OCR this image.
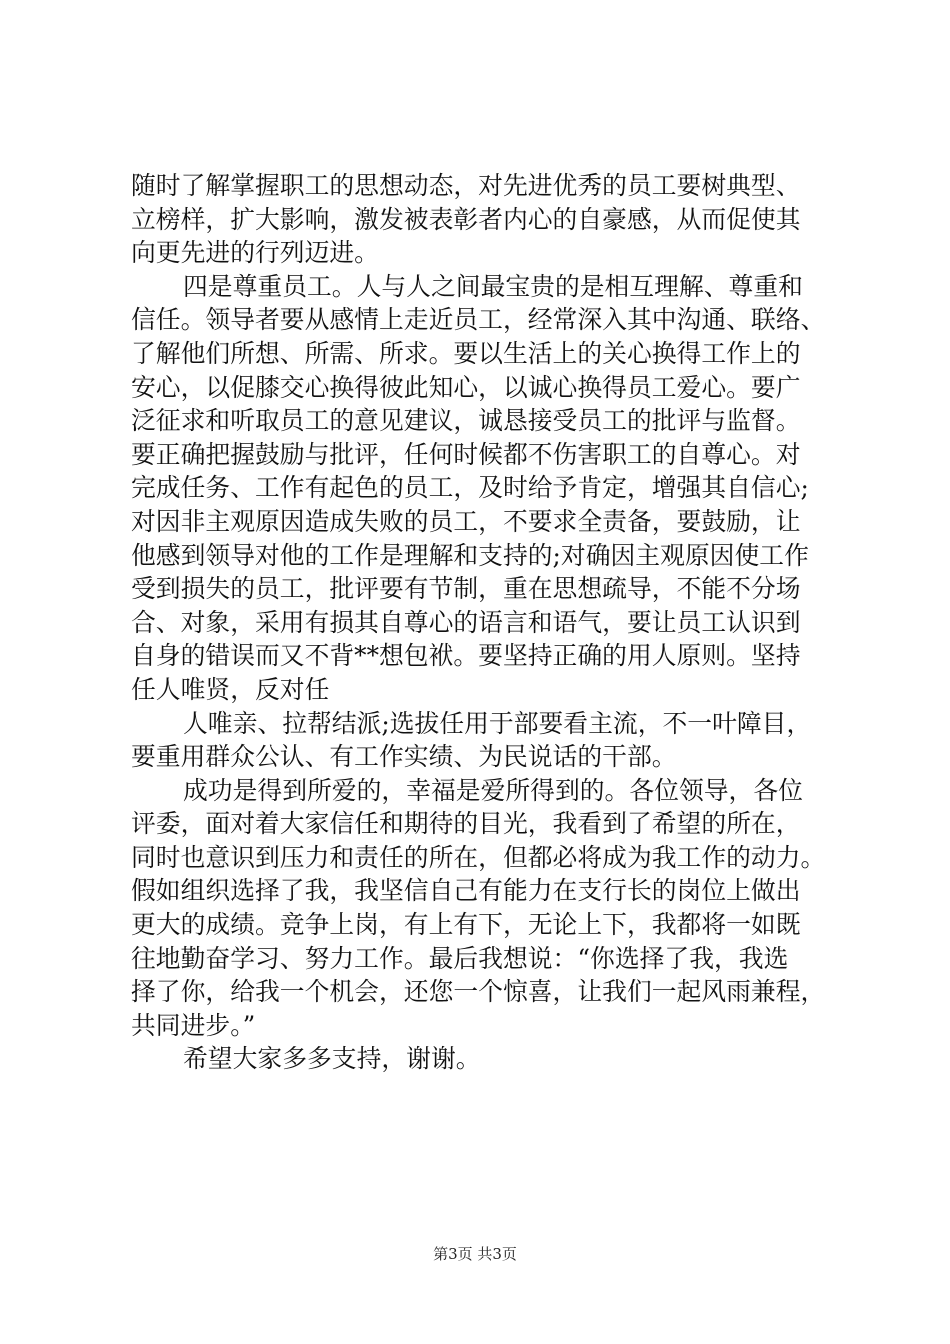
随时了解掌握职工的思想动态，对先进优秀的员工要树典型、
立榜样，扩大影响，激发被表彰者内心的自豪感，从而促使其
向更先进的行列迈进。
四是尊重员工。人与人之间最宝贵的是相互理解、尊重和
信任。领导者要从感情上走近员工，经常深入其中沟通、联络、
了解他们所想、所需、所求。要以生活上的关心换得工作上的
安心，以促膝交心换得彼此知心，以诚心换得员工爱心。要广
泛征求和听取员工的意见建议，诚恳接受员工的批评与监督。
要正确把握鼓励与批评，任何时候都不伤害职工的自尊心。对
完成任务、工作有起色的员工，及时给予肯定，增强其自信心;
对因非主观原因造成失败的员工，不要求全责备，要鼓励，让
他感到领导对他的工作是理解和支持的;对确因主观原因使工作
受到损失的员工，批评要有节制，重在思想疏导，不能不分场
合、对象，采用有损其自尊心的语言和语气，要让员工认识到
自身的错误而又不背**想包袱。要坚持正确的用人原则。坚持
任人唯贤，反对任
人唯亲、拉帮结派;选拔任用于部要看主流，不一叶障目，
要重用群众公认、有工作实绩、为民说话的干部。
成功是得到所爱的，幸福是爱所得到的。各位领导，各位
评委，面对着大家信任和期待的目光，我看到了希望的所在，
同时也意识到压力和责任的所在，但都必将成为我工作的动力。
假如组织选择了我，我坚信自己有能力在支行长的岗位上做出
更大的成绩。竞争上岗，有上有下，无论上下，我都将一如既
往地勤奋学习、努力工作。最后我想说：“你选择了我，我选
择了你，给我一个机会，还您一个惊喜，让我们一起风雨兼程，
共同进步。”
希望大家多多支持，谢谢。
第3页 共3页
